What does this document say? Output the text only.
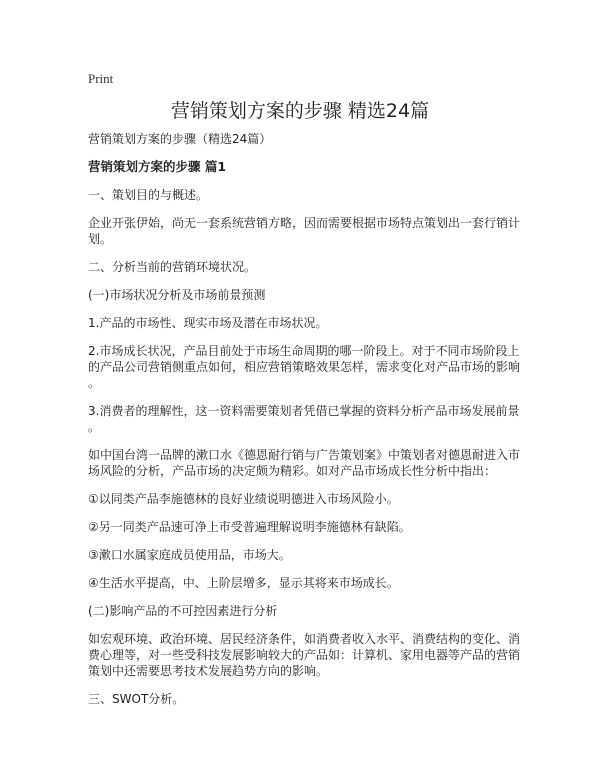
Print
营销策划方案的步骤 精选24篇
营销策划方案的步骤（精选24篇）
营销策划方案的步骤 篇1
一、策划目的与概述。
企业开张伊始，尚无一套系统营销方略，因而需要根据市场特点策划出一套行销计
划。
二、分析当前的营销环境状况。
(一)市场状况分析及市场前景预测
1.产品的市场性、现实市场及潜在市场状况。
2.市场成长状况，产品目前处于市场生命周期的哪一阶段上。对于不同市场阶段上
的产品公司营销侧重点如何，相应营销策略效果怎样，需求变化对产品市场的影响
。
3.消费者的理解性，这一资料需要策划者凭借已掌握的资料分析产品市场发展前景
。
如中国台湾一品牌的漱口水《德恩耐行销与广告策划案》中策划者对德恩耐进入市
场风险的分析，产品市场的决定颇为精彩。如对产品市场成长性分析中指出：
①以同类产品李施德林的良好业绩说明德进入市场风险小。
②另一同类产品速可净上市受普遍理解说明李施德林有缺陷。
③漱口水属家庭成员使用品，市场大。
④生活水平提高，中、上阶层增多，显示其将来市场成长。
(二)影响产品的不可控因素进行分析
如宏观环境、政治环境、居民经济条件，如消费者收入水平、消费结构的变化、消
费心理等，对一些受科技发展影响较大的产品如：计算机、家用电器等产品的营销
策划中还需要思考技术发展趋势方向的影响。
三、SWOT分析。
